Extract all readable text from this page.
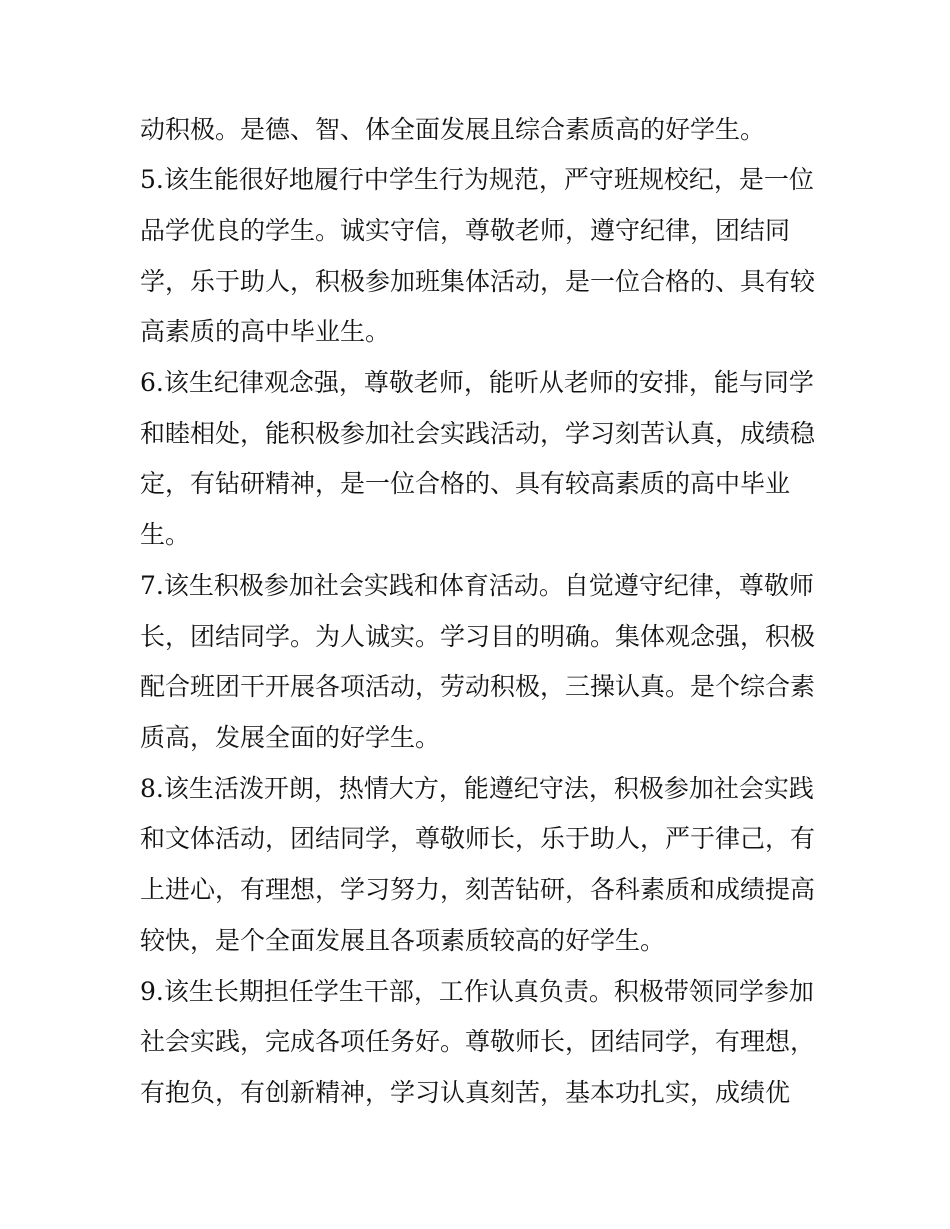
动积极。是德、智、体全面发展且综合素质高的好学生。
5.该生能很好地履行中学生行为规范，严守班规校纪，是一位
品学优良的学生。诚实守信，尊敬老师，遵守纪律，团结同
学，乐于助人，积极参加班集体活动，是一位合格的、具有较
高素质的高中毕业生。
6.该生纪律观念强，尊敬老师，能听从老师的安排，能与同学
和睦相处，能积极参加社会实践活动，学习刻苦认真，成绩稳
定，有钻研精神，是一位合格的、具有较高素质的高中毕业
生。
7.该生积极参加社会实践和体育活动。自觉遵守纪律，尊敬师
长，团结同学。为人诚实。学习目的明确。集体观念强，积极
配合班团干开展各项活动，劳动积极，三操认真。是个综合素
质高，发展全面的好学生。
8.该生活泼开朗，热情大方，能遵纪守法，积极参加社会实践
和文体活动，团结同学，尊敬师长，乐于助人，严于律己，有
上进心，有理想，学习努力，刻苦钻研，各科素质和成绩提高
较快，是个全面发展且各项素质较高的好学生。
9.该生长期担任学生干部，工作认真负责。积极带领同学参加
社会实践，完成各项任务好。尊敬师长，团结同学，有理想，
有抱负，有创新精神，学习认真刻苦，基本功扎实，成绩优
